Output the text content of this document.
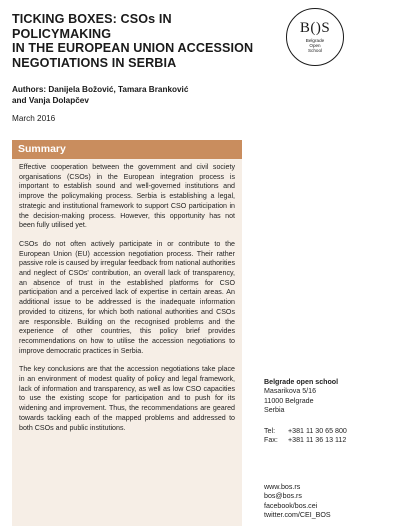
TICKING BOXES: CSOs IN POLICYMAKING
IN THE EUROPEAN UNION ACCESSION
NEGOTIATIONS IN SERBIA
B()S
Belgrade
Open
School
Authors: Danijela Božović, Tamara Branković
and Vanja Dolapčev
March 2016
Summary

Effective cooperation between the government and civil society organisations (CSOs) in the European integration process is important to establish sound and well-governed institutions and improve the policymaking process. Serbia is establishing a legal, strategic and institutional framework to support CSO participation in the decision-making process. However, this opportunity has not been fully utilised yet.

CSOs do not often actively participate in or contribute to the European Union (EU) accession negotiation process. Their rather passive role is caused by irregular feedback from national authorities and neglect of CSOs' contribution, an overall lack of transparency, an absence of trust in the established platforms for CSO participation and a perceived lack of expertise in certain areas. An additional issue to be addressed is the inadequate information provided to citizens, for which both national authorities and CSOs are responsible. Building on the recognised problems and the experience of other countries, this policy brief provides recommendations on how to utilise the accession negotiations to improve democratic practices in Serbia.

The key conclusions are that the accession negotiations take place in an environment of modest quality of policy and legal framework, lack of information and transparency, as well as low CSO capacities to use the existing scope for participation and to push for its widening and improvement. Thus, the recommendations are geared towards tackling each of the mapped problems and addressed to both CSOs and public institutions.

Belgrade open school
Masarikova 5/16
11000 Belgrade
Serbia
Tel:	+381 11 30 65 800
Fax:	+381 11 36 13 112
www.bos.rs
bos@bos.rs
facebook/bos.cei
twitter.com/CEI_BOS
